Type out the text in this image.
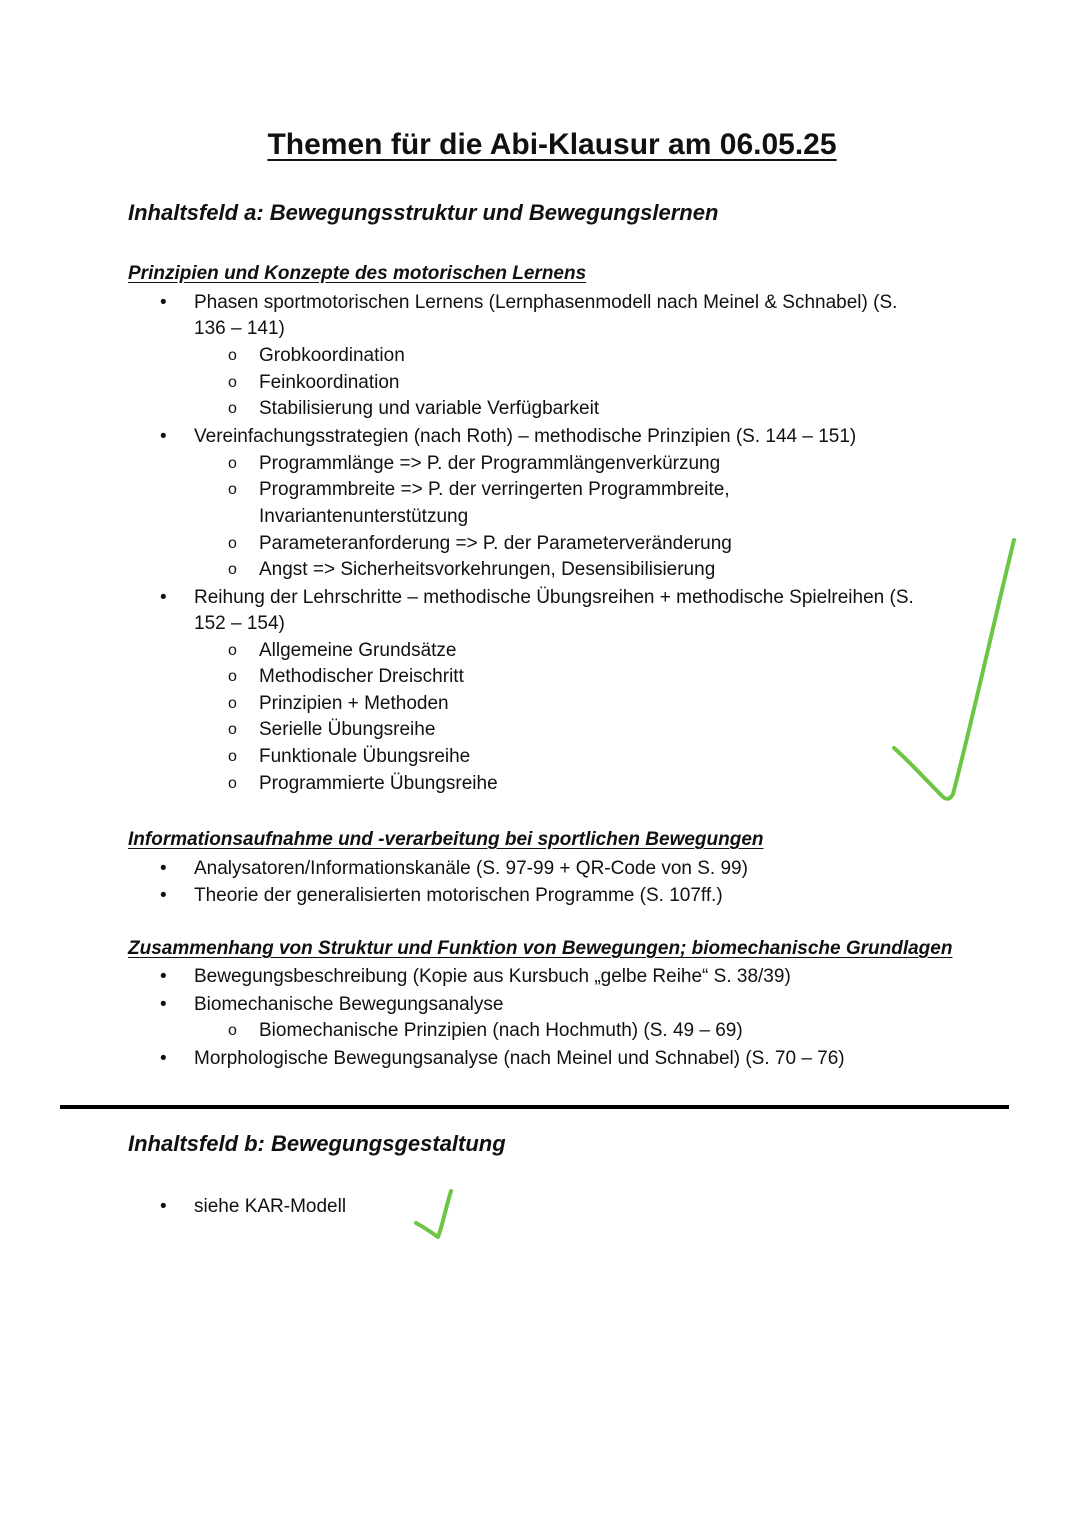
Themen für die Abi-Klausur am 06.05.25
Inhaltsfeld a: Bewegungsstruktur und Bewegungslernen
Prinzipien und Konzepte des motorischen Lernens
• Phasen sportmotorischen Lernens (Lernphasenmodell nach Meinel & Schnabel) (S.
136 – 141)
o Grobkoordination
o Feinkoordination
o Stabilisierung und variable Verfügbarkeit
• Vereinfachungsstrategien (nach Roth) – methodische Prinzipien (S. 144 – 151)
o Programmlänge => P. der Programmlängenverkürzung
o Programmbreite => P. der verringerten Programmbreite,
Invariantenunterstützung
o Parameteranforderung => P. der Parameterveränderung
o Angst => Sicherheitsvorkehrungen, Desensibilisierung
• Reihung der Lehrschritte – methodische Übungsreihen + methodische Spielreihen (S.
152 – 154)
o Allgemeine Grundsätze
o Methodischer Dreischritt
o Prinzipien + Methoden
o Serielle Übungsreihe
o Funktionale Übungsreihe
o Programmierte Übungsreihe
Informationsaufnahme und -verarbeitung bei sportlichen Bewegungen
• Analysatoren/Informationskanäle (S. 97-99 + QR-Code von S. 99)
• Theorie der generalisierten motorischen Programme (S. 107ff.)
Zusammenhang von Struktur und Funktion von Bewegungen; biomechanische Grundlagen
• Bewegungsbeschreibung (Kopie aus Kursbuch „gelbe Reihe“ S. 38/39)
• Biomechanische Bewegungsanalyse
o Biomechanische Prinzipien (nach Hochmuth) (S. 49 – 69)
• Morphologische Bewegungsanalyse (nach Meinel und Schnabel) (S. 70 – 76)
Inhaltsfeld b: Bewegungsgestaltung
• siehe KAR-Modell
